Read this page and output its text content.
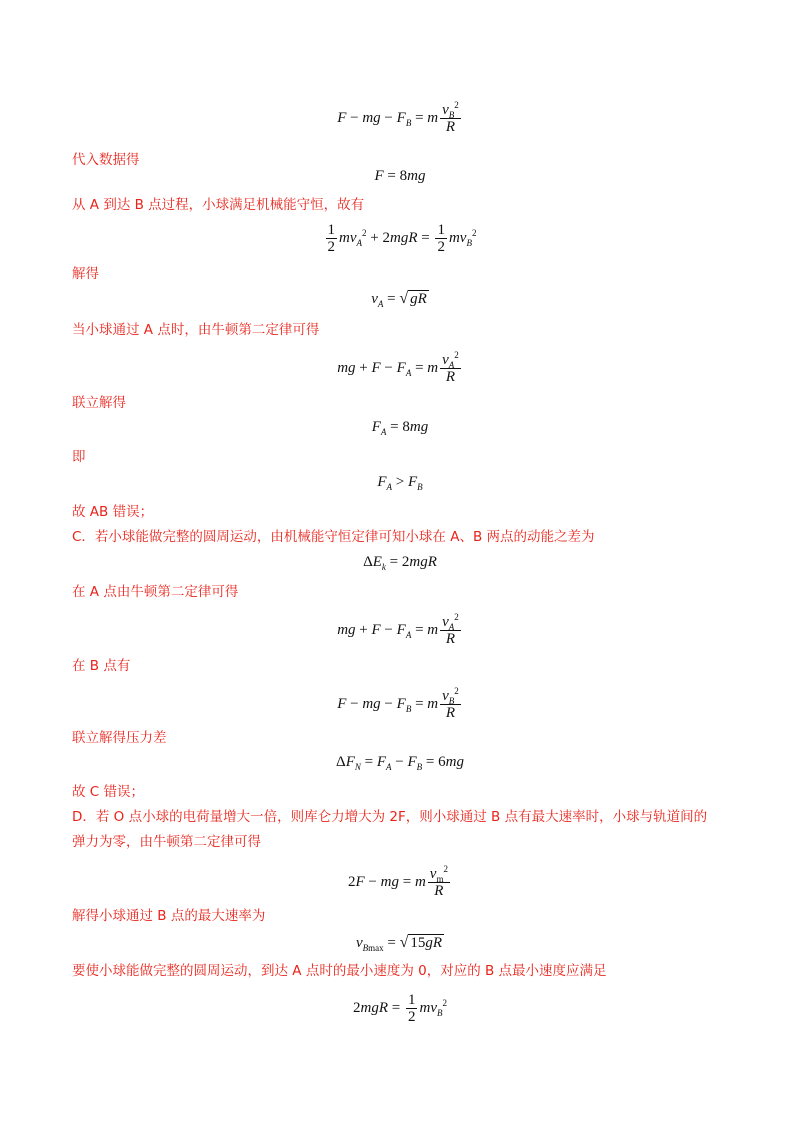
F − mg − $F_B = m \frac{v_B^2}{R}$
代入数据得
F = 8mg
从 A 到达 B 点过程，小球满足机械能守恒，故有
$\frac{1}{2} mv_A^2 + 2mgR = \frac{1}{2} mv_B^2$
解得
$v_A$ = √ gR
当小球通过 A 点时，由牛顿第二定律可得
mg + $F - F_A = m \frac{v_A^2}{R}$
联立解得
$F_A = 8mg$
即
$F_A > F_B$
故 AB 错误；
C．若小球能做完整的圆周运动，由机械能守恒定律可知小球在 A、B 两点的动能之差为
$\Delta E_k = 2mgR$
在 A 点由牛顿第二定律可得
mg + $F - F_A = m \frac{v_A^2}{R}$
在 B 点有
F − mg − $F_B = m \frac{v_B^2}{R}$
联立解得压力差
$\Delta F_N = F_A - F_B = 6mg$
故 C 错误；
D．若 O 点小球的电荷量增大一倍，则库仑力增大为 2F，则小球通过 B 点有最大速率时，小球与轨道间的
弹力为零，由牛顿第二定律可得
2F − mg = m $\frac{v_m^2}{R}$
解得小球通过 B 点的最大速率为
$v_{Bmax}$ = √ 15gR
要使小球能做完整的圆周运动，到达 A 点时的最小速度为 0，对应的 B 点最小速度应满足
$2mgR = \frac{1}{2} mv_B^2$
